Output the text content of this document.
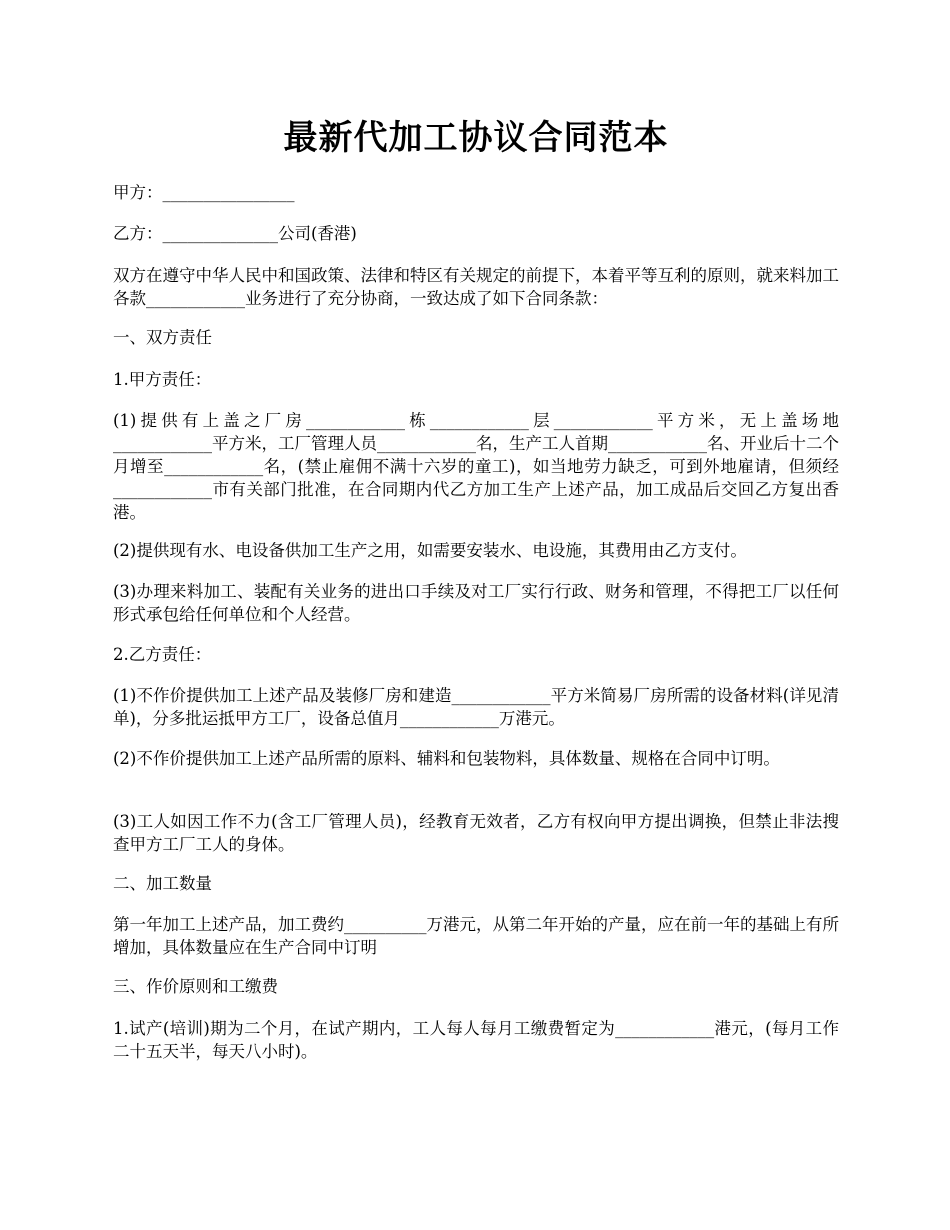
最新代加工协议合同范本

甲方：________________

乙方：______________公司(香港)

双方在遵守中华人民中和国政策、法律和特区有关规定的前提下，本着平等互利的原则，就来料加工各款____________业务进行了充分协商，一致达成了如下合同条款：

一、双方责任

1.甲方责任：

(1)提供有上盖之厂房____________栋____________层____________平方米，无上盖场地____________平方米，工厂管理人员____________名，生产工人首期____________名、开业后十二个月增至____________名，(禁止雇佣不满十六岁的童工)，如当地劳力缺乏，可到外地雇请，但须经____________市有关部门批准，在合同期内代乙方加工生产上述产品，加工成品后交回乙方复出香港。

(2)提供现有水、电设备供加工生产之用，如需要安装水、电设施，其费用由乙方支付。

(3)办理来料加工、装配有关业务的进出口手续及对工厂实行行政、财务和管理，不得把工厂以任何形式承包给任何单位和个人经营。

2.乙方责任：

(1)不作价提供加工上述产品及装修厂房和建造____________平方米简易厂房所需的设备材料(详见清单)，分多批运抵甲方工厂，设备总值月____________万港元。

(2)不作价提供加工上述产品所需的原料、辅料和包装物料，具体数量、规格在合同中订明。

(3)工人如因工作不力(含工厂管理人员)，经教育无效者，乙方有权向甲方提出调换，但禁止非法搜查甲方工厂工人的身体。

二、加工数量

第一年加工上述产品，加工费约__________万港元，从第二年开始的产量，应在前一年的基础上有所增加，具体数量应在生产合同中订明

三、作价原则和工缴费

1.试产(培训)期为二个月，在试产期内，工人每人每月工缴费暂定为____________港元，(每月工作二十五天半，每天八小时)。
